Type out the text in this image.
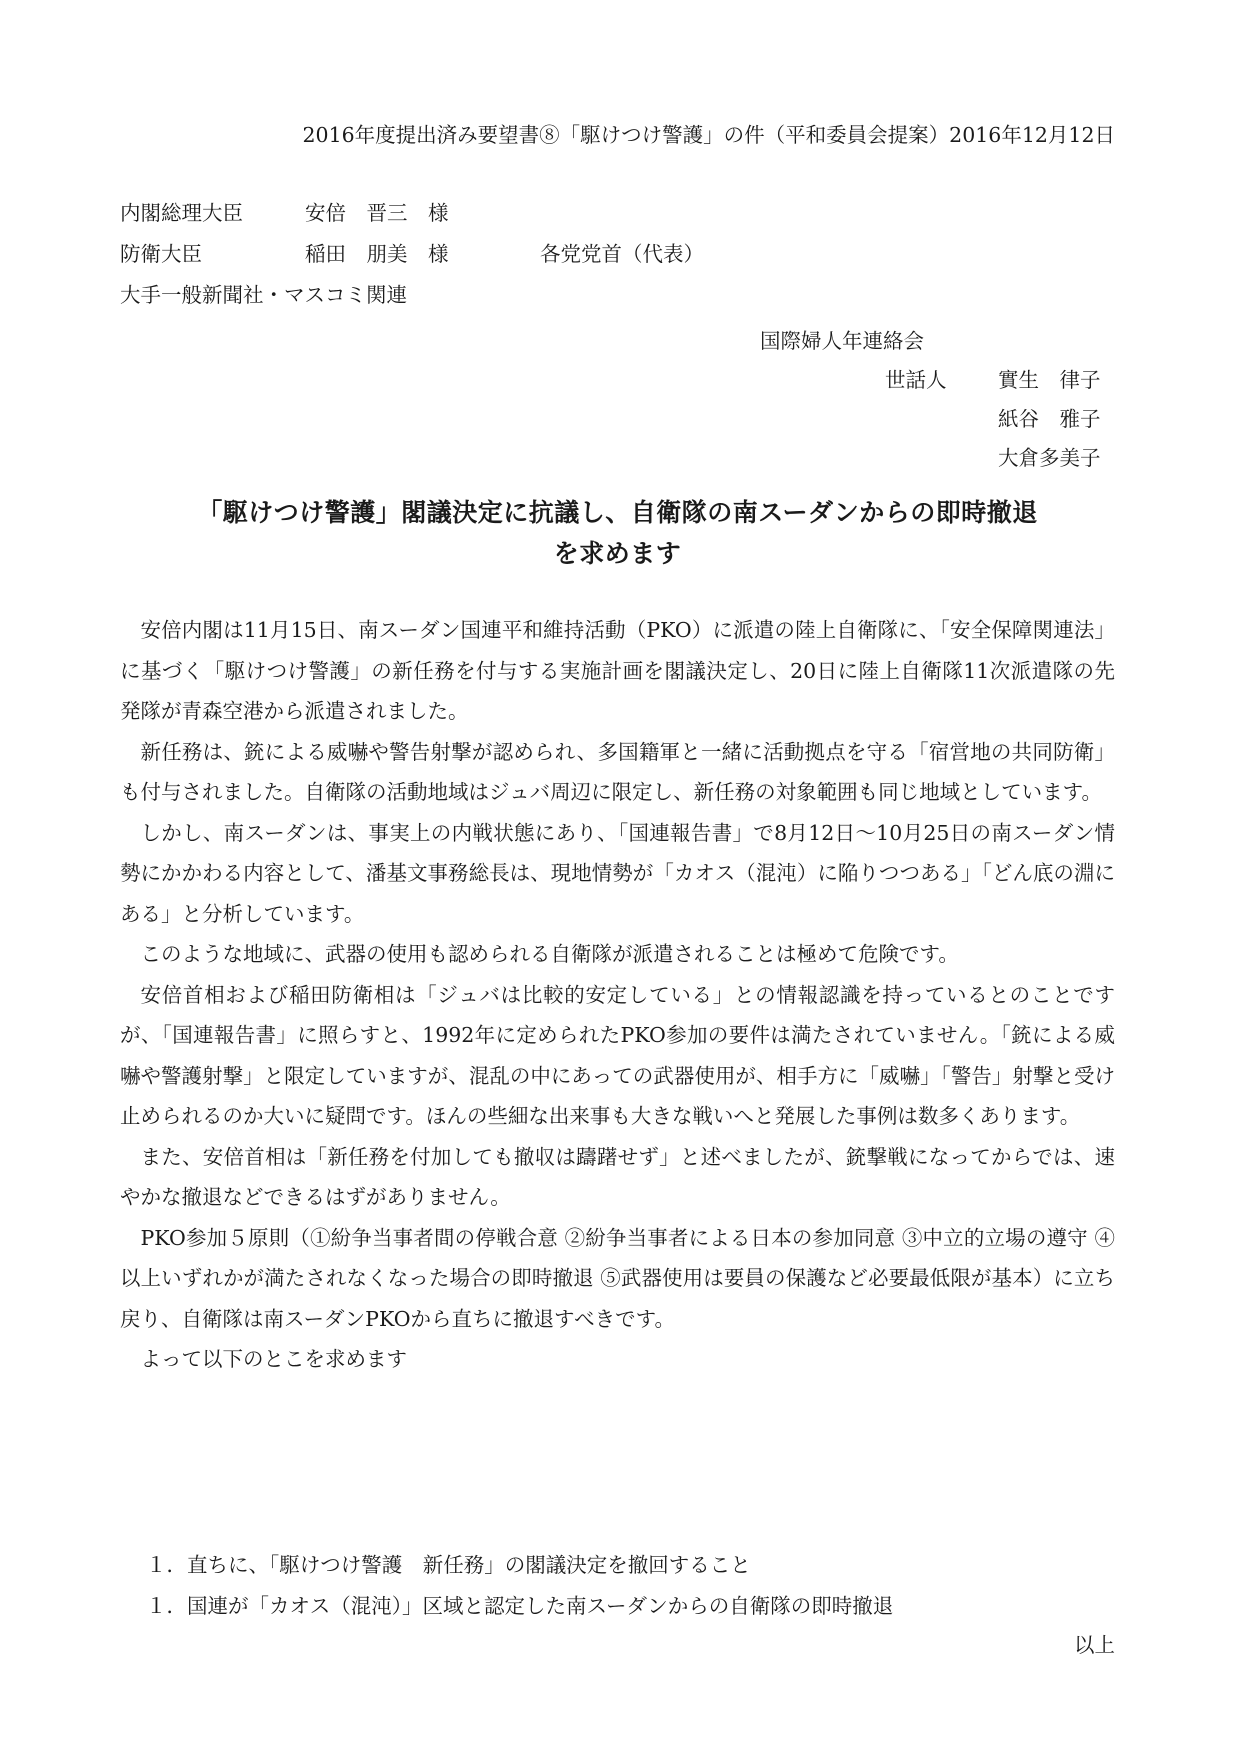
2016年度提出済み要望書⑧「駆けつけ警護」の件（平和委員会提案）2016年12月12日
内閣総理大臣	安倍　晋三　様
防衛大臣	稲田　朋美　様	各党党首（代表）
大手一般新聞社・マスコミ関連
国際婦人年連絡会
世話人	實生　律子
紙谷　雅子
大倉多美子
「駆けつけ警護」閣議決定に抗議し、自衛隊の南スーダンからの即時撤退
を求めます

安倍内閣は11月15日、南スーダン国連平和維持活動（PKO）に派遣の陸上自衛隊に、「安全保障関連法」に基づく「駆けつけ警護」の新任務を付与する実施計画を閣議決定し、20日に陸上自衛隊11次派遣隊の先発隊が青森空港から派遣されました。

新任務は、銃による威嚇や警告射撃が認められ、多国籍軍と一緒に活動拠点を守る「宿営地の共同防衛」も付与されました。自衛隊の活動地域はジュバ周辺に限定し、新任務の対象範囲も同じ地域としています。

しかし、南スーダンは、事実上の内戦状態にあり、「国連報告書」で8月12日～10月25日の南スーダン情勢にかかわる内容として、潘基文事務総長は、現地情勢が「カオス（混沌）に陥りつつある」「どん底の淵にある」と分析しています。

このような地域に、武器の使用も認められる自衛隊が派遣されることは極めて危険です。

安倍首相および稲田防衛相は「ジュバは比較的安定している」との情報認識を持っているとのことですが、「国連報告書」に照らすと、1992年に定められたPKO参加の要件は満たされていません。「銃による威嚇や警護射撃」と限定していますが、混乱の中にあっての武器使用が、相手方に「威嚇」「警告」射撃と受け止められるのか大いに疑問です。ほんの些細な出来事も大きな戦いへと発展した事例は数多くあります。

また、安倍首相は「新任務を付加しても撤収は躊躇せず」と述べましたが、銃撃戦になってからでは、速やかな撤退などできるはずがありません。

PKO参加５原則（①紛争当事者間の停戦合意 ②紛争当事者による日本の参加同意 ③中立的立場の遵守 ④以上いずれかが満たされなくなった場合の即時撤退 ⑤武器使用は要員の保護など必要最低限が基本）に立ち戻り、自衛隊は南スーダンPKOから直ちに撤退すべきです。

よって以下のとこを求めます

１．直ちに、「駆けつけ警護　新任務」の閣議決定を撤回すること
１．国連が「カオス（混沌）」区域と認定した南スーダンからの自衛隊の即時撤退
以上
